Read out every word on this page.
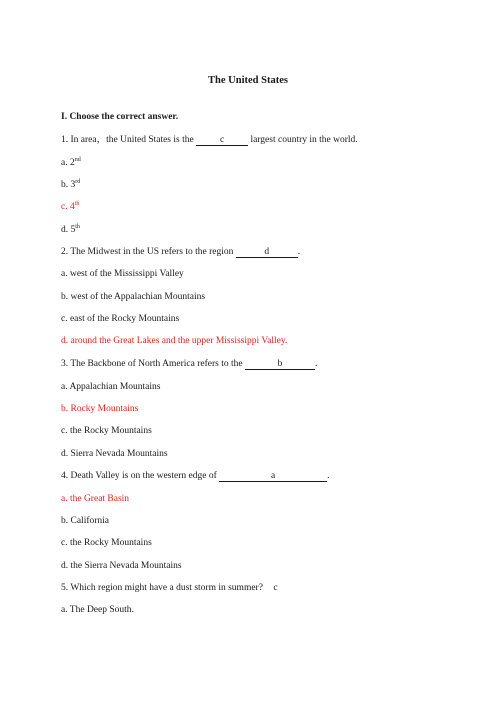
The United States
I. Choose the correct answer.
1. In area，the United States is the	c	largest country in the world.
a. 2nd
b. 3rd
c. 4th
d. 5th
2. The Midwest in the US refers to the region	d	.
a. west of the Mississippi Valley
b. west of the Appalachian Mountains
c. east of the Rocky Mountains
d. around the Great Lakes and the upper Mississippi Valley.
3. The Backbone of North America refers to the	b	.
a. Appalachian Mountains
b. Rocky Mountains
c. the Rocky Mountains
d. Sierra Nevada Mountains
4. Death Valley is on the western edge of	a	.
a. the Great Basin
b. California
c. the Rocky Mountains
d. the Sierra Nevada Mountains
5. Which region might have a dust storm in summer? c
a. The Deep South.
